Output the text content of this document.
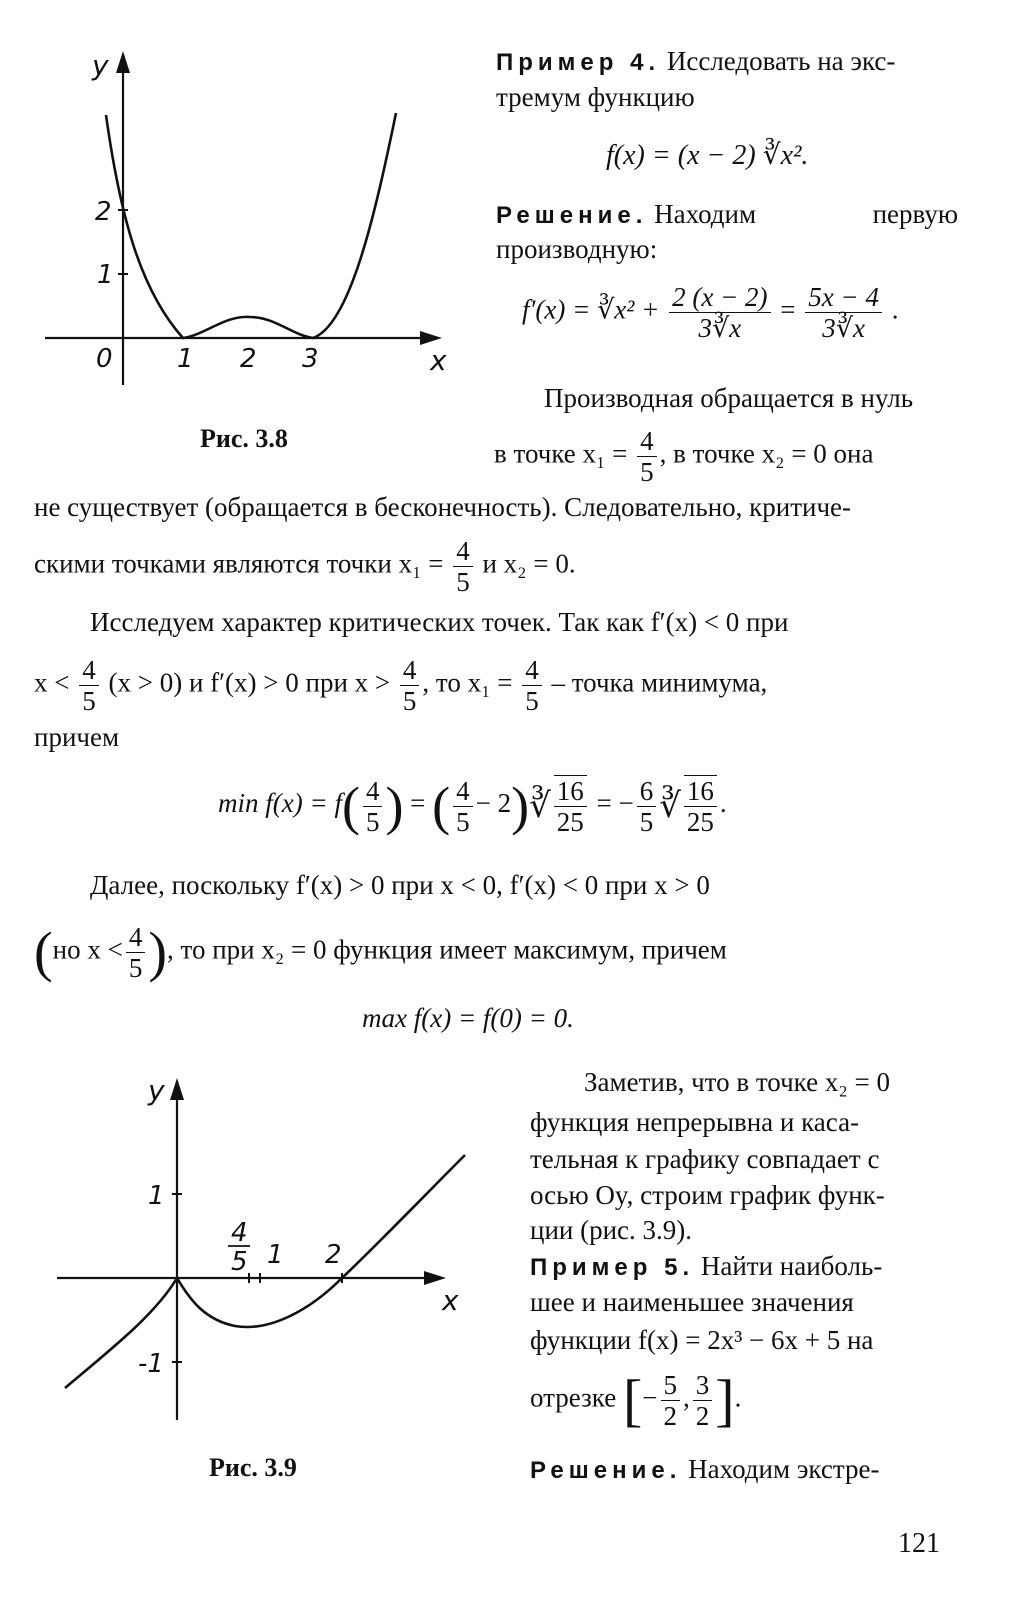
y
x
0 1 2 3
2
1
Рис. 3.8
Пример 4. Исследовать на экс-
тремум функцию
f(x) = (x − 2) ∛x².
Решение. Находим	первую
производную:
f′(x) = ∛x² + $\frac{2 (x - 2)}{3∛x} = \frac{5x - 4}{3∛x}$ .
Производная обращается в нуль
в точке $x_1 = \frac{4}{5}$ , в точке x₂ = 0 она
не существует (обращается в бесконечность). Следовательно, критиче-
скими точками являются точки $x_1 = \frac{4}{5}$ и x₂ = 0.
Исследуем характер критических точек. Так как f′(x) < 0 при
$x < \frac{4}{5} (x > 0)$ и f′(x) > 0 при $x > \frac{4}{5}$ , то $x_1 = \frac{4}{5}$ – точка минимума,
причем
$\min f(x) = f( \frac{4}{5}$ ) = ( $\frac{4}{5}$ − 2)∛ $\frac{16}{25}$ = − $\frac{6}{5}$ ∛ $\frac{16}{25}$ .
Далее, поскольку f′(x) > 0 при x < 0, f′(x) < 0 при x > 0
(но $x < \frac{4}{5}$ ), то при x₂ = 0 функция имеет максимум, причем
max f(x) = f(0) = 0.
Заметив, что в точке x₂ = 0
функция непрерывна и каса-
тельная к графику совпадает с
осью Oy, строим график функ-
ции (рис. 3.9).
Пример 5. Найти наиболь-
шее и наименьшее значения
функции f(x) = 2x³ − 6x + 5 на
отрезке [− $\frac{5}{2}$ , $\frac{3}{2}$ ].
Решение. Находим экстре-
y
x
1
-1
4
5 1 2
Рис. 3.9
121
